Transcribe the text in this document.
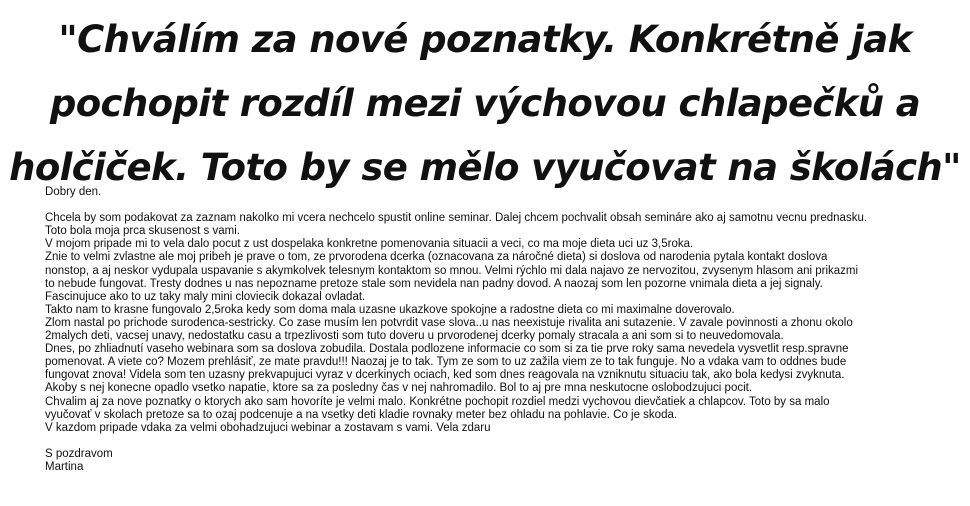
"Chválím za nové poznatky. Konkrétně jak
pochopit rozdíl mezi výchovou chlapečků a
holčiček. Toto by se mělo vyučovat na školách"
Dobry den.
Chcela by som podakovat za zaznam nakolko mi vcera nechcelo spustit online seminar. Dalej chcem pochvalit obsah semináre ako aj samotnu vecnu prednasku.
Toto bola moja prca skusenost s vami.
V mojom pripade mi to vela dalo pocut z ust dospelaka konkretne pomenovania situacii a veci, co ma moje dieta uci uz 3,5roka.
Znie to velmi zvlastne ale moj pribeh je prave o tom, ze prvorodena dcerka (oznacovana za náročné dieta) si doslova od narodenia pytala kontakt doslova
nonstop, a aj neskor vydupala uspavanie s akymkolvek telesnym kontaktom so mnou. Velmi rýchlo mi dala najavo ze nervozitou, zvysenym hlasom ani prikazmi
to nebude fungovat. Tresty dodnes u nas nepozname pretoze stale som nevidela nan padny dovod. A naozaj som len pozorne vnimala dieta a jej signaly.
Fascinujuce ako to uz taky maly mini cloviecik dokazal ovladat.
Takto nam to krasne fungovalo 2,5roka kedy som doma mala uzasne ukazkove spokojne a radostne dieta co mi maximalne doverovalo.
Zlom nastal po prichode surodenca-sestricky. Co zase musím len potvrdit vase slova..u nas neexistuje rivalita ani sutazenie. V zavale povinnosti a zhonu okolo
2malych deti, vacsej unavy, nedostatku casu a trpezlivosti som tuto doveru u prvorodenej dcerky pomaly stracala a ani som si to neuvedomovala.
Dnes, po zhliadnutí vaseho webinara som sa doslova zobudila. Dostala podlozene informacie co som si za tie prve roky sama nevedela vysvetlit resp.spravne
pomenovat. A viete co? Mozem prehlásiť, ze mate pravdu!!! Naozaj je to tak. Tym ze som to uz zažila viem ze to tak funguje. No a vdaka vam to oddnes bude
fungovat znova! Videla som ten uzasny prekvapujuci vyraz v dcerkinych ociach, ked som dnes reagovala na vzniknutu situaciu tak, ako bola kedysi zvyknuta.
Akoby s nej konecne opadlo vsetko napatie, ktore sa za posledny čas v nej nahromadilo. Bol to aj pre mna neskutocne oslobodzujuci pocit.
Chvalim aj za nove poznatky o ktorych ako sam hovoríte je velmi malo. Konkrétne pochopit rozdiel medzi vychovou dievčatiek a chlapcov. Toto by sa malo
vyučovať v skolach pretoze sa to ozaj podcenuje a na vsetky deti kladie rovnaky meter bez ohladu na pohlavie. Co je skoda.
V kazdom pripade vdaka za velmi obohadzujuci webinar a zostavam s vami. Vela zdaru
S pozdravom
Martina
